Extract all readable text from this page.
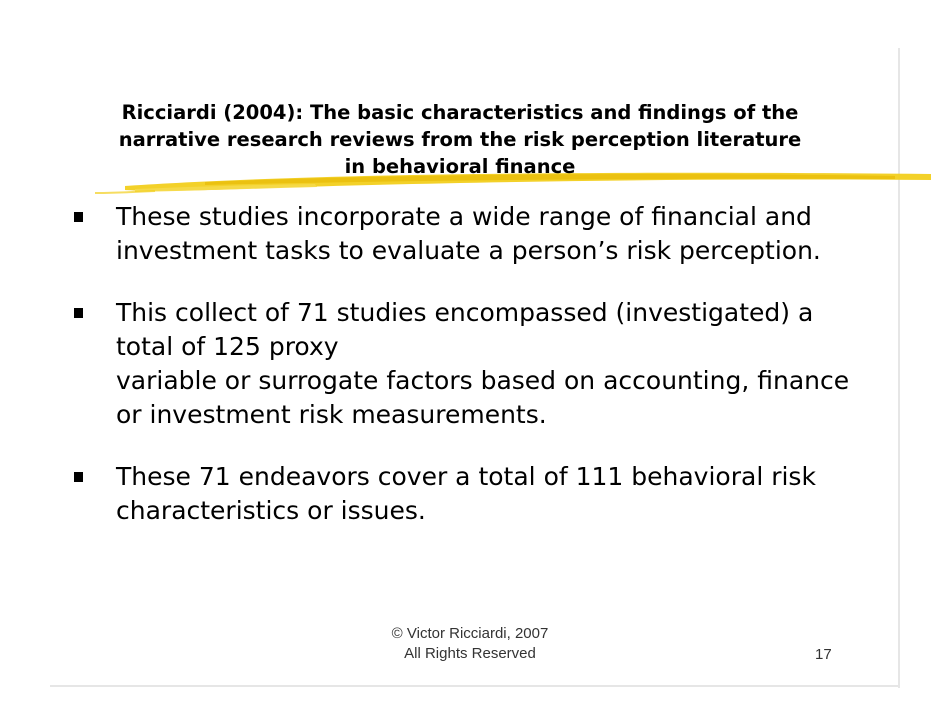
Ricciardi (2004): The basic characteristics and findings of the
narrative research reviews from the risk perception literature
in behavioral finance
These studies incorporate a wide range of financial and
investment tasks to evaluate a person’s risk perception.
This collect of 71 studies encompassed (investigated) a
total of 125 proxy
variable or surrogate factors based on accounting, finance
or investment risk measurements.
These 71 endeavors cover a total of 111 behavioral risk
characteristics or issues.
© Victor Ricciardi, 2007
All Rights Reserved	17
